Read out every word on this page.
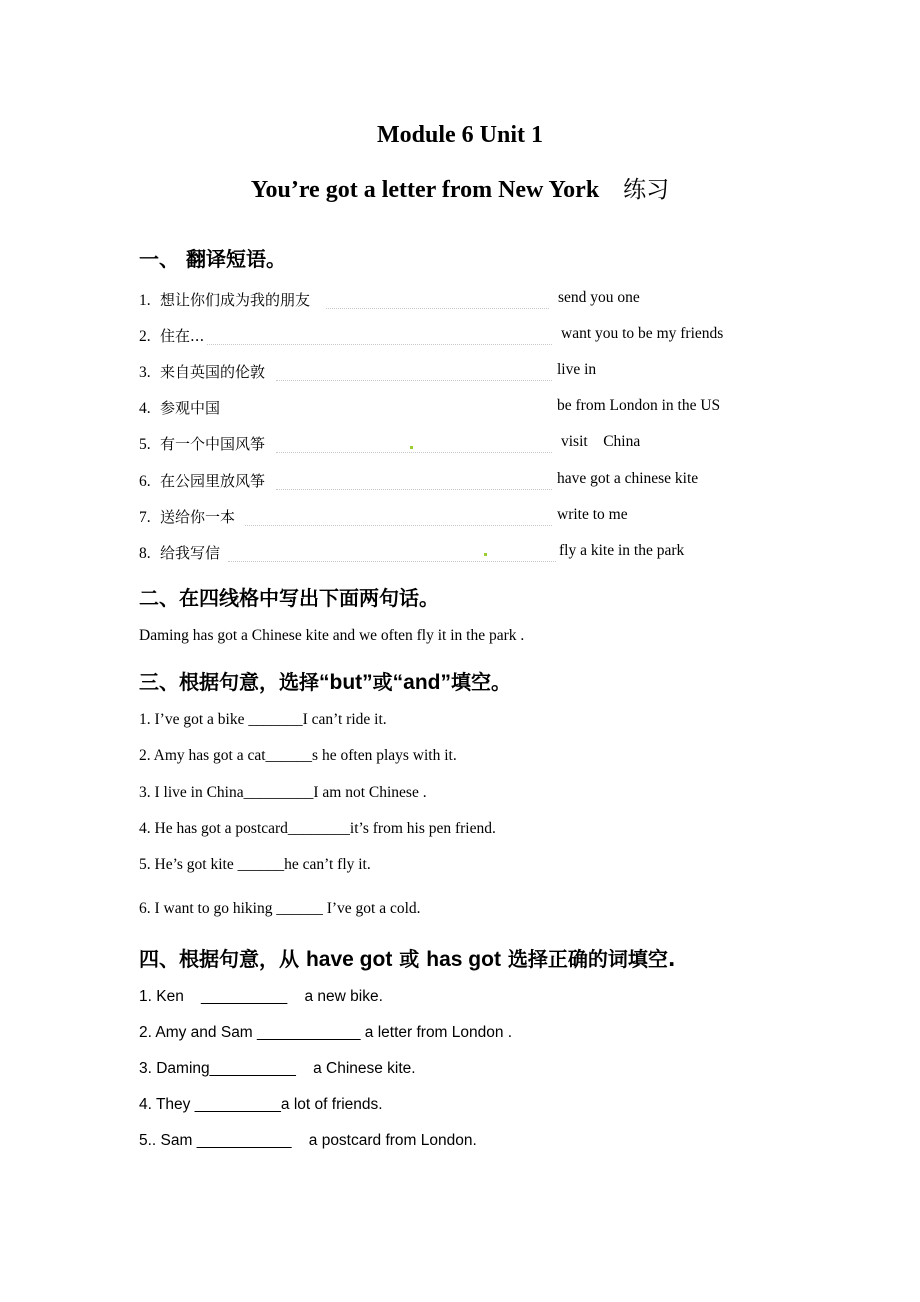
Module 6 Unit 1
You’re got a letter from New York 练习
一、 翻译短语。
1. 想让你们成为我的朋友	send you one
2. 住在...	want you to be my friends
3. 来自英国的伦敦	live in
4. 参观中国	be from London in the US
5. 有一个中国风筝	visit    China
6. 在公园里放风筝	have got a chinese kite
7. 送给你一本	write to me
8. 给我写信	fly a kite in the park
二、在四线格中写出下面两句话。
Daming has got a Chinese kite and we often fly it in the park .
三、根据句意，选择“but”或“and”填空。
1. I’ve got a bike _______I can’t ride it.
2. Amy has got a cat______s he often plays with it.
3. I live in China_________I am not Chinese .
4. He has got a postcard________it’s from his pen friend.
5. He’s got kite ______he can’t fly it.
6. I want to go hiking ______ I’ve got a cold.
四、根据句意，从 have got 或 has got 选择正确的词填空.
1. Ken    __________    a new bike.
2. Amy and Sam ____________ a letter from London .
3. Daming__________    a Chinese kite.
4. They __________a lot of friends.
5.. Sam ___________    a postcard from London.
